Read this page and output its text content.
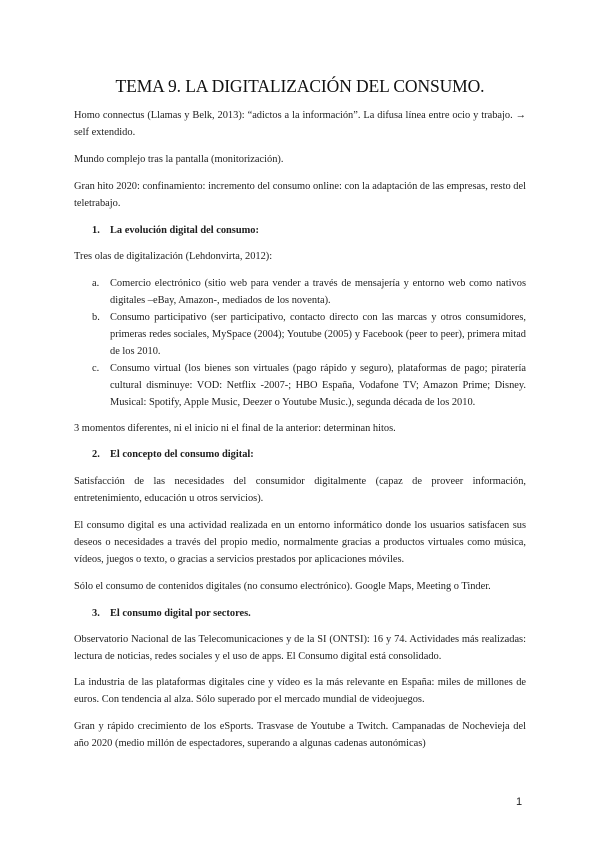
TEMA 9. LA DIGITALIZACIÓN DEL CONSUMO.

Homo connectus (Llamas y Belk, 2013): “adictos a la información”. La difusa línea entre ocio y trabajo. → self extendido.

Mundo complejo tras la pantalla (monitorización).

Gran hito 2020: confinamiento: incremento del consumo online: con la adaptación de las empresas, resto del teletrabajo.

1. La evolución digital del consumo:

Tres olas de digitalización (Lehdonvirta, 2012):

a. Comercio electrónico (sitio web para vender a través de mensajería y entorno web como nativos digitales –eBay, Amazon-, mediados de los noventa).
b. Consumo participativo (ser participativo, contacto directo con las marcas y otros consumidores, primeras redes sociales, MySpace (2004); Youtube (2005) y Facebook (peer to peer), primera mitad de los 2010.
c. Consumo virtual (los bienes son virtuales (pago rápido y seguro), plataformas de pago; piratería cultural disminuye: VOD: Netflix -2007-; HBO España, Vodafone TV; Amazon Prime; Disney. Musical: Spotify, Apple Music, Deezer o Youtube Music.), segunda década de los 2010.

3 momentos diferentes, ni el inicio ni el final de la anterior: determinan hitos.

2. El concepto del consumo digital:

Satisfacción de las necesidades del consumidor digitalmente (capaz de proveer información, entretenimiento, educación u otros servicios).

El consumo digital es una actividad realizada en un entorno informático donde los usuarios satisfacen sus deseos o necesidades a través del propio medio, normalmente gracias a productos virtuales como música, vídeos, juegos o texto, o gracias a servicios prestados por aplicaciones móviles.

Sólo el consumo de contenidos digitales (no consumo electrónico). Google Maps, Meeting o Tinder.

3. El consumo digital por sectores.

Observatorio Nacional de las Telecomunicaciones y de la SI (ONTSI): 16 y 74. Actividades más realizadas: lectura de noticias, redes sociales y el uso de apps. El Consumo digital está consolidado.

La industria de las plataformas digitales cine y vídeo es la más relevante en España: miles de millones de euros. Con tendencia al alza. Sólo superado por el mercado mundial de videojuegos.

Gran y rápido crecimiento de los eSports. Trasvase de Youtube a Twitch. Campanadas de Nochevieja del año 2020 (medio millón de espectadores, superando a algunas cadenas autonómicas)

1
